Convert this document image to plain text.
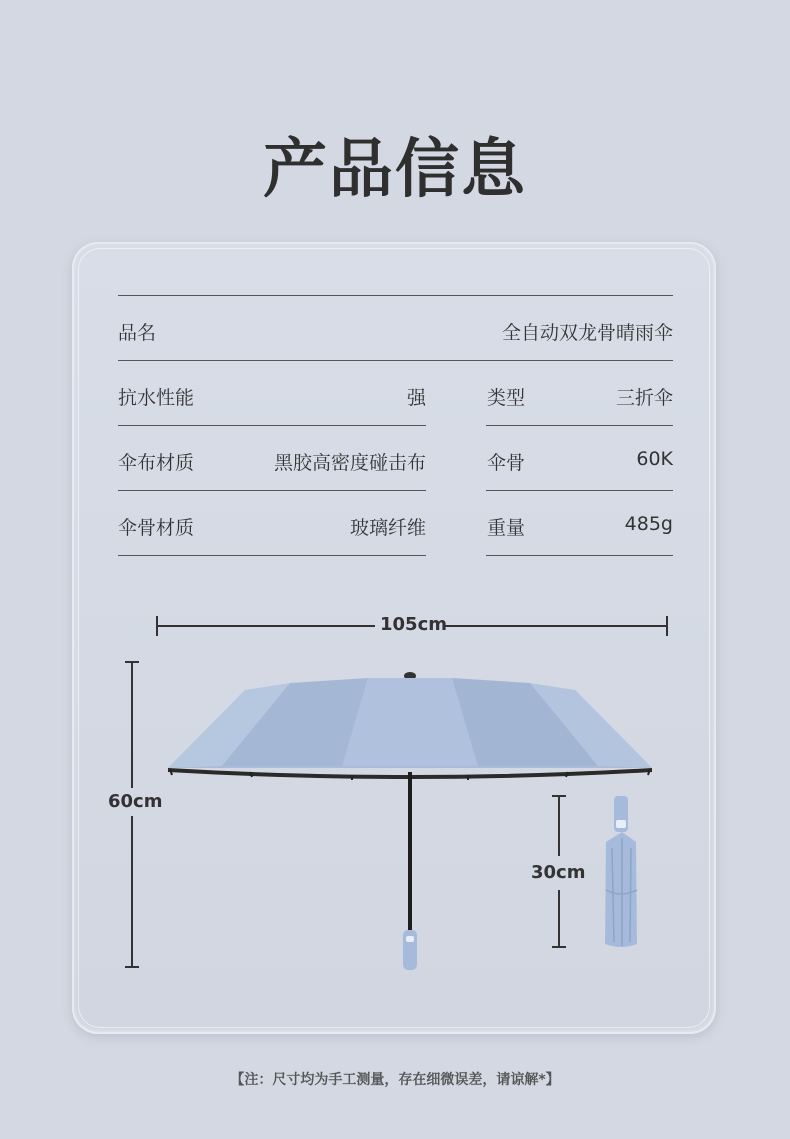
产品信息
品名	全自动双龙骨晴雨伞
抗水性能	强	类型	三折伞
伞布材质	黑胶高密度碰击布	伞骨	60K
伞骨材质	玻璃纤维	重量	485g
105cm
60cm
30cm
【注：尺寸均为手工测量，存在细微误差，请谅解*】
